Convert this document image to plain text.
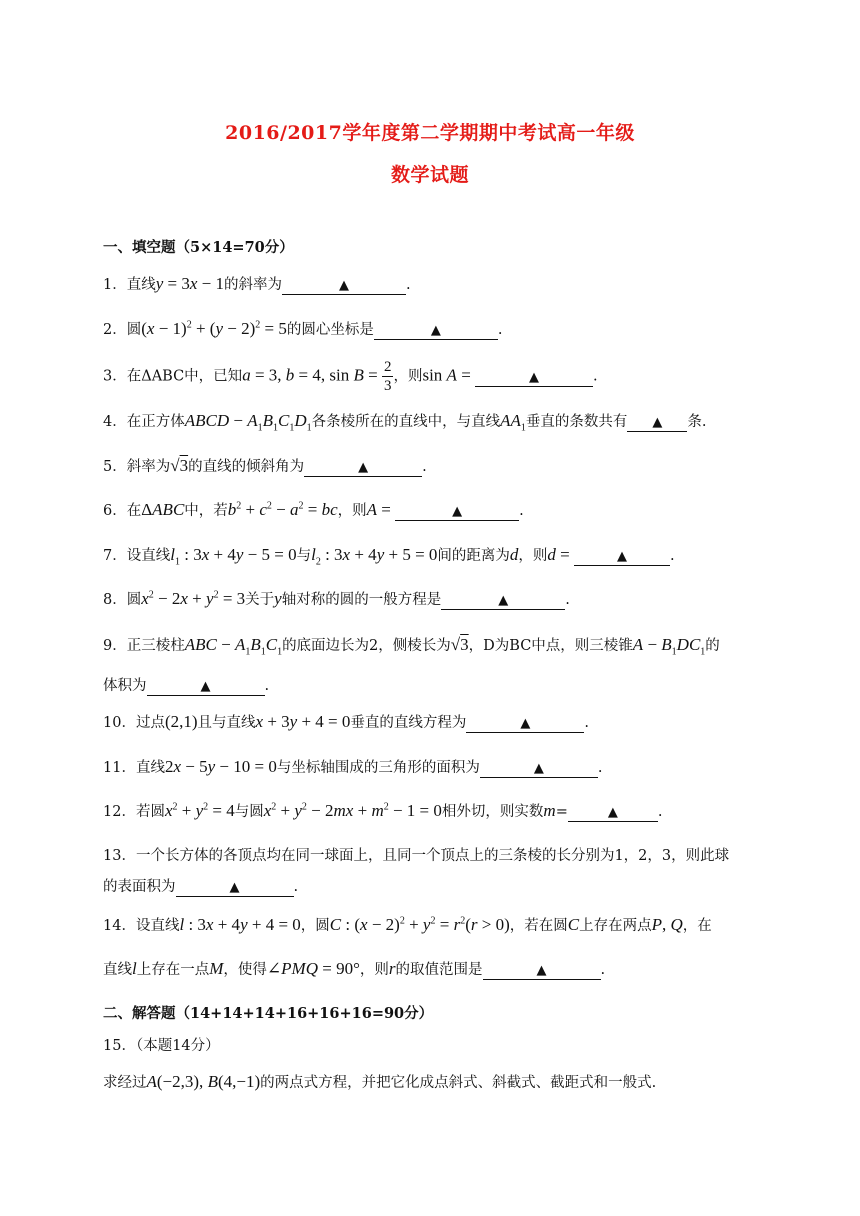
2016/2017学年度第二学期期中考试高一年级
数学试题
一、填空题（5×14=70分）
1．直线y = 3x − 1的斜率为	▲	.
2．圆$(x - 1)^2 + (y - 2)^2 = 5$的圆心坐标是	▲	.
3．在ΔABC中，已知a = 3, b = 4, $\sin B = \frac{2}{3}$ ，则sin A =	▲	.
4．在正方体ABCD − $A_1B_1C_1D_1$各条棱所在的直线中，与直线$AA_1$垂直的条数共有 ▲ 条.
5．斜率为√3的直线的倾斜角为	▲	.
6．在ΔABC中，若$b^2 + c^2 - a^2$ = bc，则A =	▲	.
7．设直线$l_1$ : 3x + 4y − 5 = 0与$l_2$ : 3x + 4y + 5 = 0间的距离为d，则d =	▲	.
8．圆$x^2 - 2x + y^2 = 3$关于y轴对称的圆的一般方程是	▲	.
9．正三棱柱ABC − $A_1B_1C_1$的底面边长为2，侧棱长为√3，D为BC中点，则三棱锥$A - B_1DC_1$的
体积为	▲	.
10．过点(2,1)且与直线x + 3y + 4 = 0垂直的直线方程为	▲	.
11．直线2x − 5y − 10 = 0与坐标轴围成的三角形的面积为	▲	.
12．若圆$x^2 + y^2 = 4$与圆$x^2 + y^2 - 2mx + m^2 - 1 = 0$相外切，则实数m=	▲	.
13．一个长方体的各顶点均在同一球面上，且同一个顶点上的三条棱的长分别为1，2，3，则此球
的表面积为	▲	.
14．设直线l : 3x + 4y + 4 = 0，圆C : $(x - 2)^2 + y^2 = r^2(r > 0)$，若在圆C上存在两点P, Q，在
直线l上存在一点M，使得∠PMQ = 90°，则r的取值范围是	▲	.
二、解答题（14+14+14+16+16+16=90分）
15．（本题14分）
求经过A(−2,3), B(4,−1)的两点式方程，并把它化成点斜式、斜截式、截距式和一般式.
